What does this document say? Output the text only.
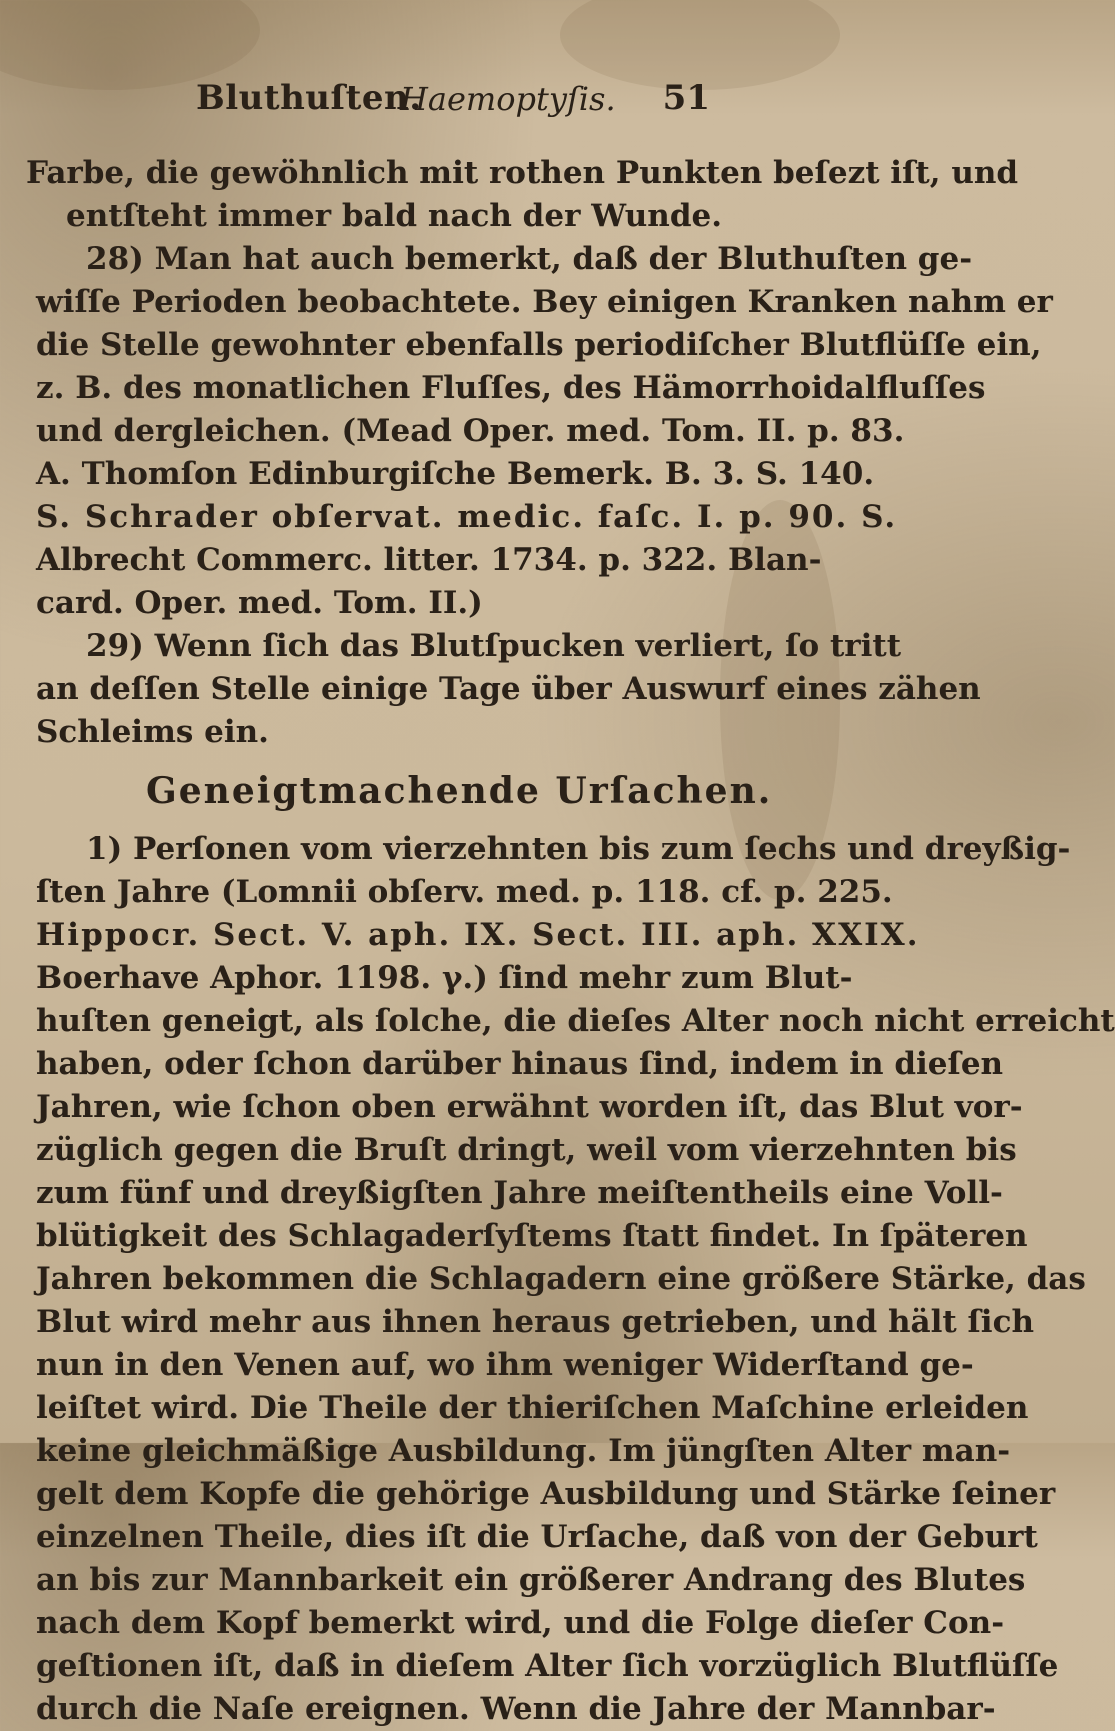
Bluthuſten.
Haemoptyſis. 51
Farbe, die gewöhnlich mit rothen Punkten beſezt iſt, und
entſteht immer bald nach der Wunde.
28) Man hat auch bemerkt, daß der Bluthuſten ge-
wiſſe Perioden beobachtete. Bey einigen Kranken nahm er
die Stelle gewohnter ebenfalls periodiſcher Blutflüſſe ein,
z. B. des monatlichen Fluſſes, des Hämorrhoidalfluſſes
und dergleichen. (Mead Oper. med. Tom. II. p. 83.
A. Thomſon Edinburgiſche Bemerk. B. 3. S. 140.
S. Schrader obſervat. medic. faſc. I. p. 90. S.
Albrecht Commerc. litter. 1734. p. 322. Blan-
card. Oper. med. Tom. II.)
29) Wenn ſich das Blutſpucken verliert, ſo tritt
an deſſen Stelle einige Tage über Auswurf eines zähen
Schleims ein.
Geneigtmachende Urſachen.
1) Perſonen vom vierzehnten bis zum ſechs und dreyßig-
ſten Jahre (Lomnii obſerv. med. p. 118. cf. p. 225.
Hippocr. Sect. V. aph. IX. Sect. III. aph. XXIX.
Boerhave Aphor. 1198. γ.) ſind mehr zum Blut-
huſten geneigt, als ſolche, die dieſes Alter noch nicht erreicht
haben, oder ſchon darüber hinaus ſind, indem in dieſen
Jahren, wie ſchon oben erwähnt worden iſt, das Blut vor-
züglich gegen die Bruſt dringt, weil vom vierzehnten bis
zum fünf und dreyßigſten Jahre meiſtentheils eine Voll-
blütigkeit des Schlagaderſyſtems ſtatt findet. In ſpäteren
Jahren bekommen die Schlagadern eine größere Stärke, das
Blut wird mehr aus ihnen heraus getrieben, und hält ſich
nun in den Venen auf, wo ihm weniger Widerſtand ge-
leiſtet wird. Die Theile der thieriſchen Maſchine erleiden
keine gleichmäßige Ausbildung. Im jüngſten Alter man-
gelt dem Kopfe die gehörige Ausbildung und Stärke ſeiner
einzelnen Theile, dies iſt die Urſache, daß von der Geburt
an bis zur Mannbarkeit ein größerer Andrang des Blutes
nach dem Kopf bemerkt wird, und die Folge dieſer Con-
geſtionen iſt, daß in dieſem Alter ſich vorzüglich Blutflüſſe
durch die Naſe ereignen. Wenn die Jahre der Mannbar-
